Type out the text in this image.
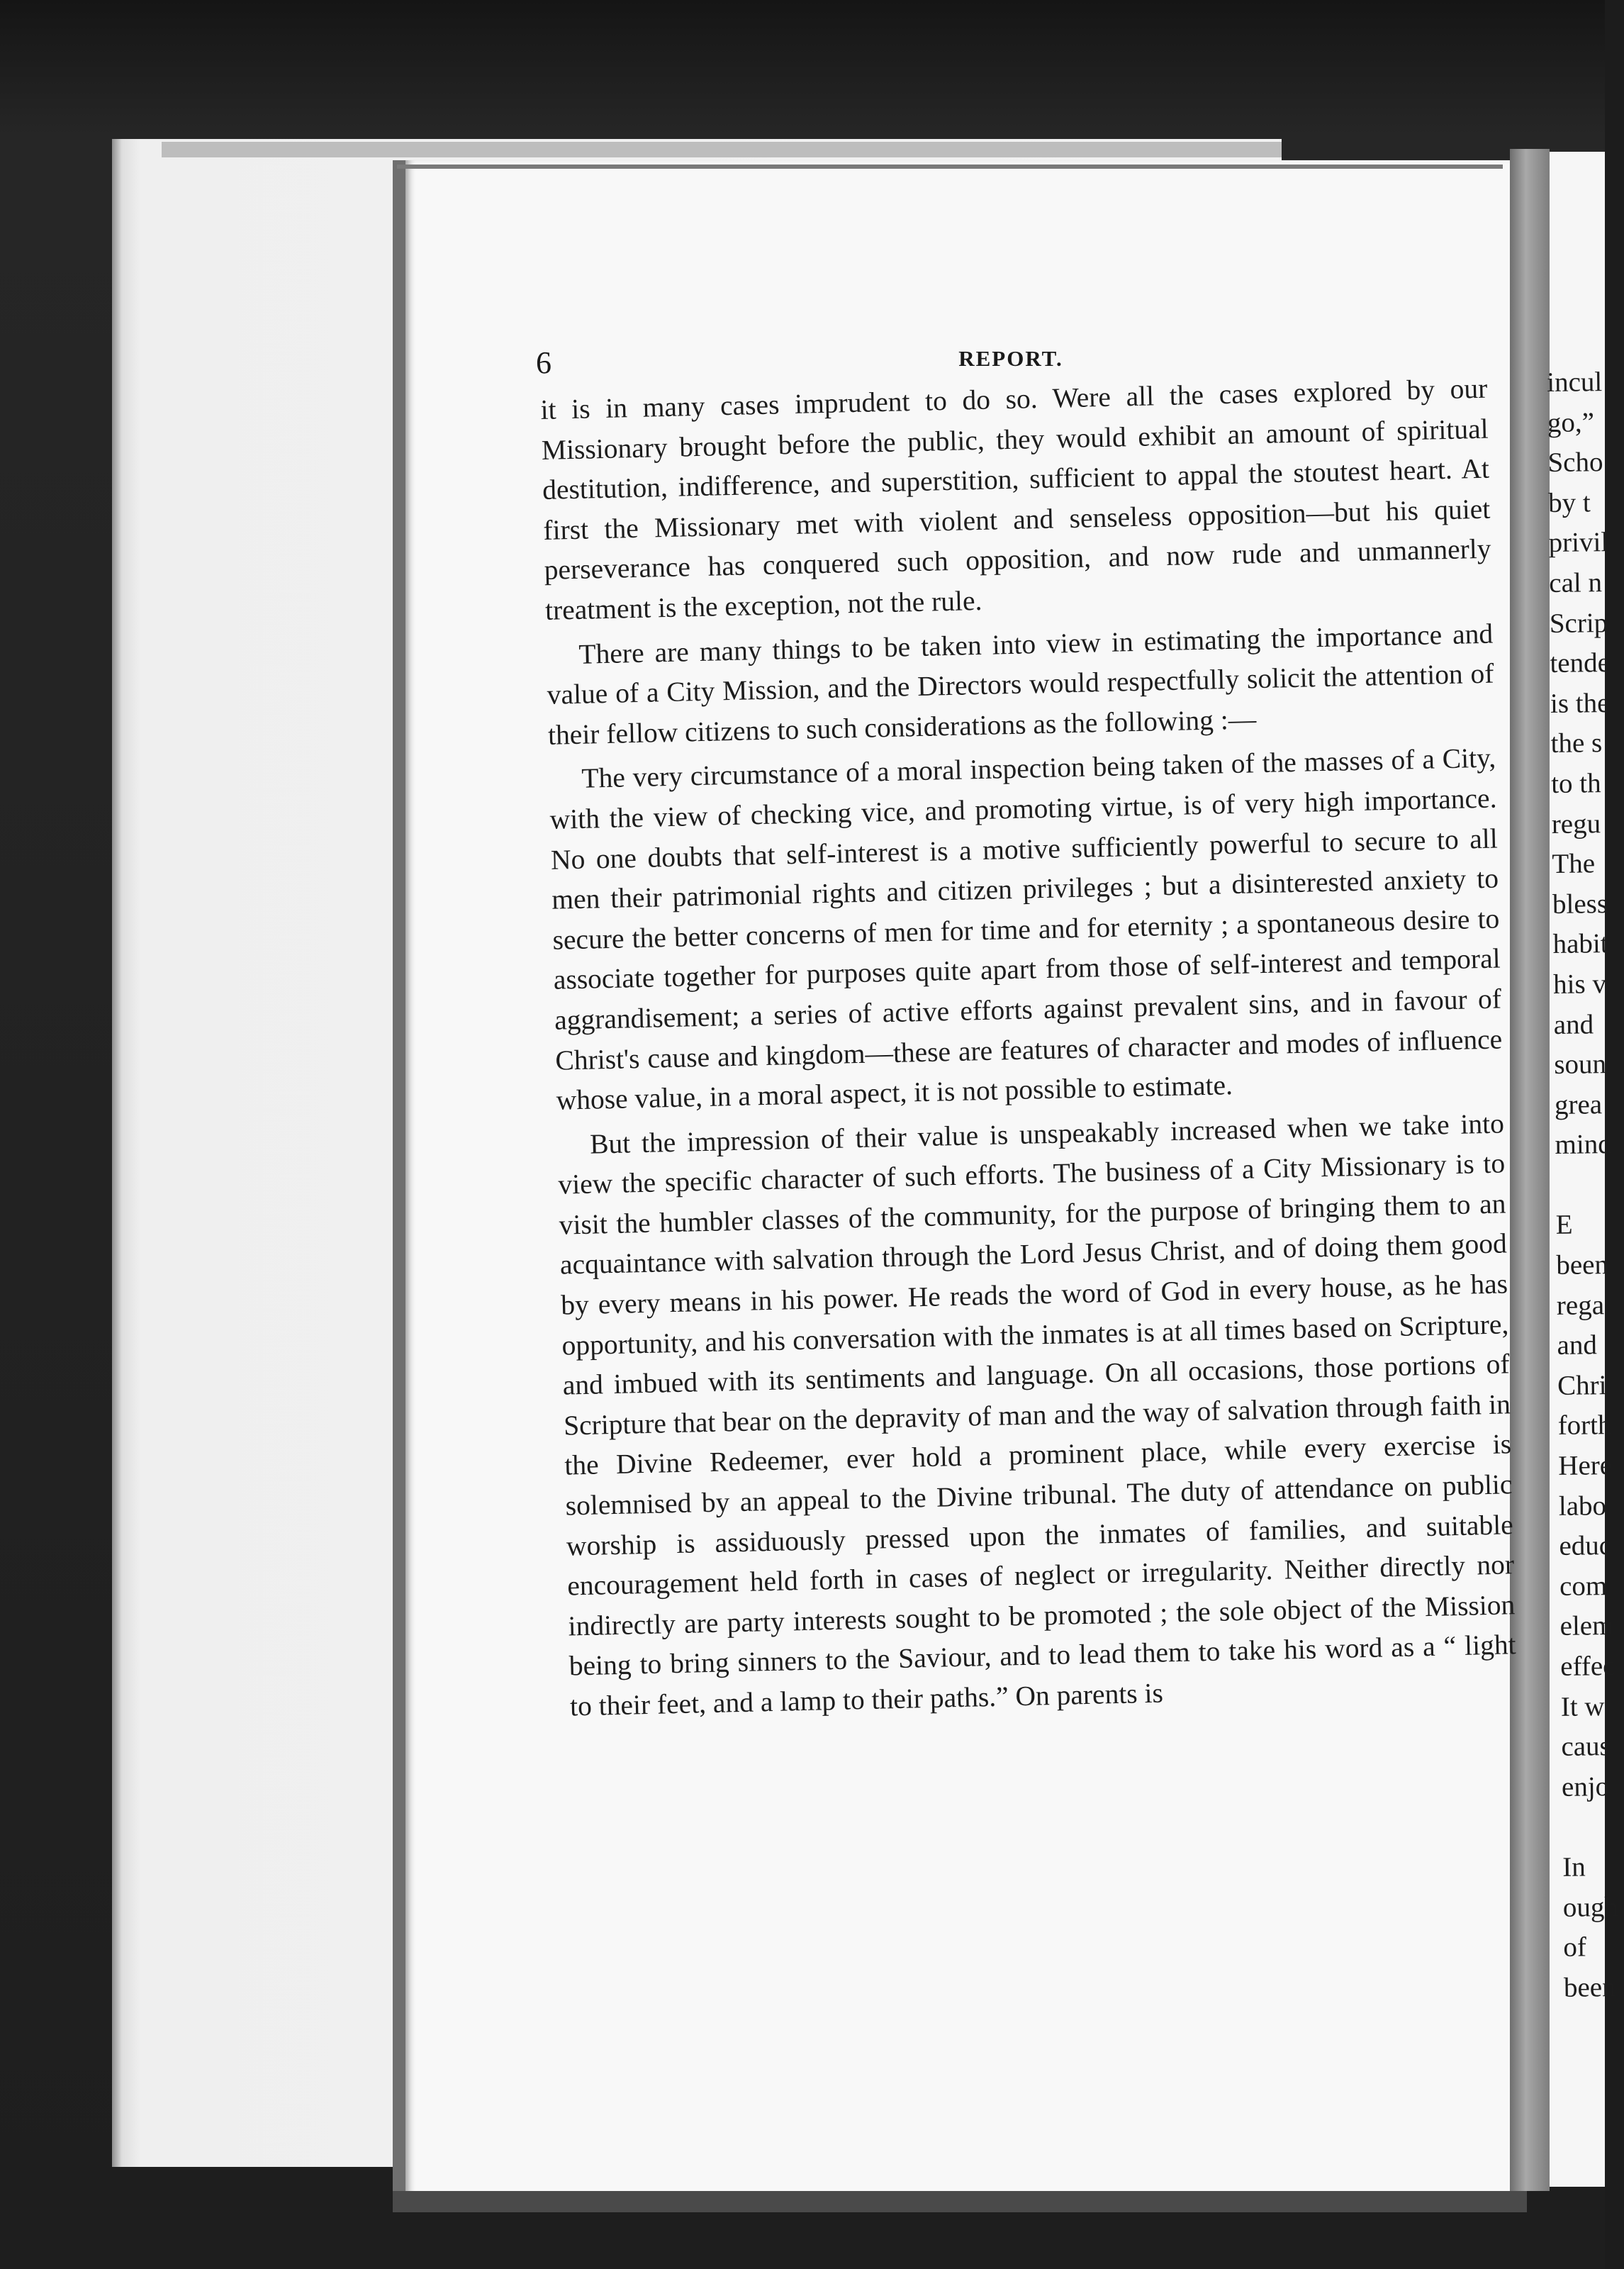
6	REPORT.

it is in many cases imprudent to do so. Were all the cases explored by our Missionary brought before the public, they would exhibit an amount of spiritual destitution, indifference, and superstition, sufficient to appal the stoutest heart. At first the Missionary met with violent and senseless opposition—but his quiet perseverance has conquered such opposition, and now rude and unmannerly treatment is the exception, not the rule.

There are many things to be taken into view in estimating the importance and value of a City Mission, and the Directors would respectfully solicit the attention of their fellow citizens to such considerations as the following :—

The very circumstance of a moral inspection being taken of the masses of a City, with the view of checking vice, and promoting virtue, is of very high importance. No one doubts that self-interest is a motive sufficiently powerful to secure to all men their patrimonial rights and citizen privileges ; but a disinterested anxiety to secure the better concerns of men for time and for eternity ; a spontaneous desire to associate together for purposes quite apart from those of self-interest and temporal aggrandisement; a series of active efforts against prevalent sins, and in favour of Christ's cause and kingdom—these are features of character and modes of influence whose value, in a moral aspect, it is not possible to estimate.

But the impression of their value is unspeakably increased when we take into view the specific character of such efforts. The business of a City Missionary is to visit the humbler classes of the community, for the purpose of bringing them to an acquaintance with salvation through the Lord Jesus Christ, and of doing them good by every means in his power. He reads the word of God in every house, as he has opportunity, and his conversation with the inmates is at all times based on Scripture, and imbued with its sentiments and language. On all occasions, those portions of Scripture that bear on the depravity of man and the way of salvation through faith in the Divine Redeemer, ever hold a prominent place, while every exercise is solemnised by an appeal to the Divine tribunal. The duty of attendance on public worship is assiduously pressed upon the inmates of families, and suitable encouragement held forth in cases of neglect or irregularity. Neither directly nor indirectly are party interests sought to be promoted ; the sole object of the Mission being to bring sinners to the Saviour, and to lead them to take his word as a “ light to their feet, and a lamp to their paths.” On parents is

incul
go,”
Scho
by t
privil
cal n
Scrip
tende
is the
the s
to th
regu
The
bless
habit
his v
and
soun
grea
mind
E
been
rega
and
Chri
forth
Here
labo
educ
com
elem
effec
It w
caus
enjo
In
ough
of
been
